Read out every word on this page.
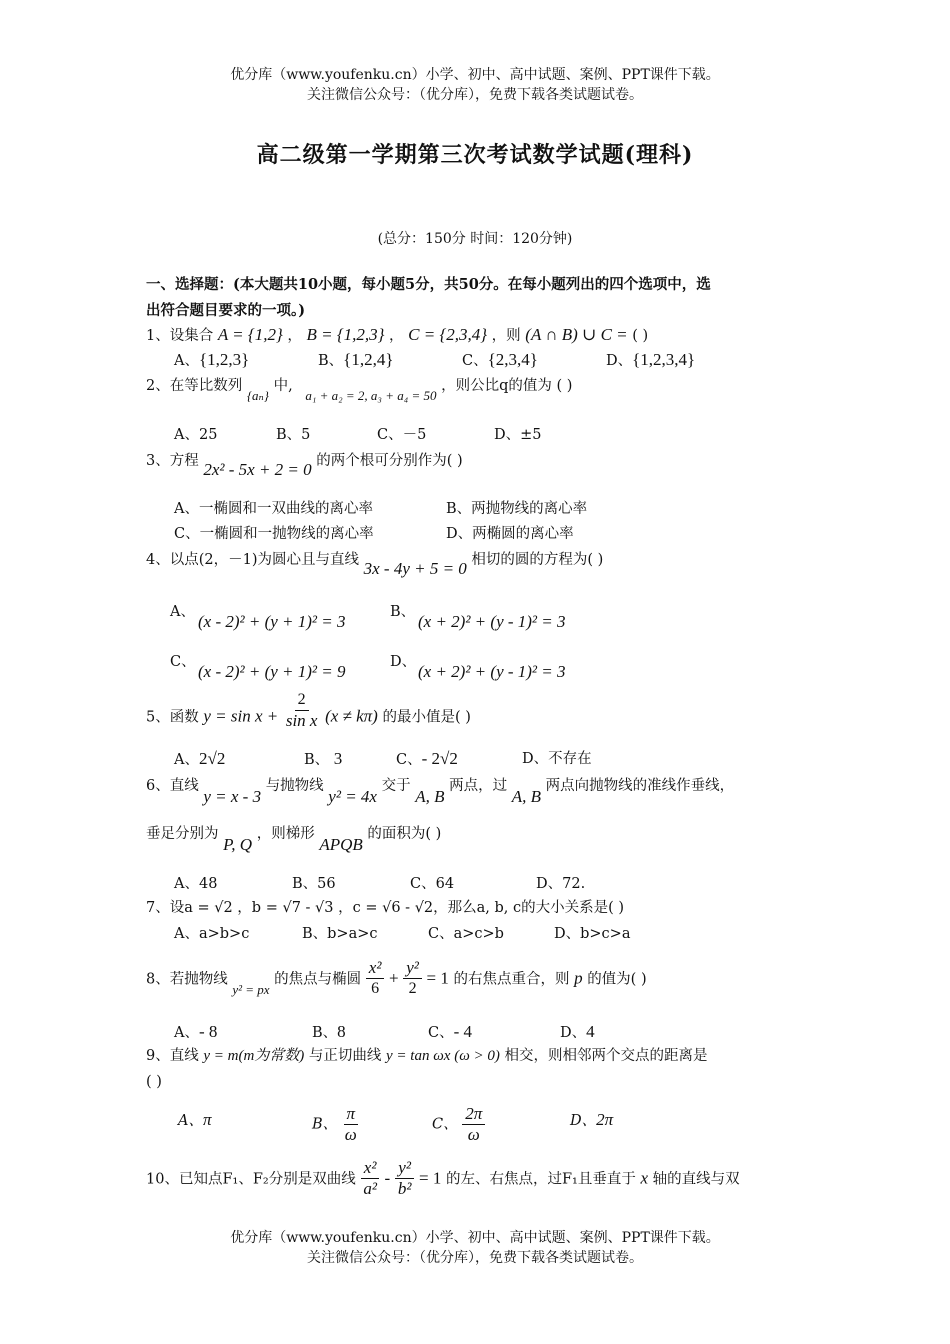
优分库（www.youfenku.cn）小学、初中、高中试题、案例、PPT课件下载。
关注微信公众号：（优分库），免费下载各类试题试卷。
高二级第一学期第三次考试数学试题(理科)
(总分：150分 时间：120分钟)
一、选择题：(本大题共10小题，每小题5分，共50分。在每小题列出的四个选项中，选
出符合题目要求的一项。)
1、设集合 A = {1,2} ， B = {1,2,3} ， C = {2,3,4} ，则 (A ∩ B) ∪ C = ( )
A、{1,2,3}	B、{1,2,4}	C、{2,3,4}	D、{1,2,3,4}
2、在等比数列 {aₙ} 中, a₁ + a₂ = 2, a₃ + a₄ = 50 ，则公比q的值为 ( )
A、25	B、5	C、－5	D、±5
3、方程 2x² - 5x + 2 = 0 的两个根可分别作为( )
A、一椭圆和一双曲线的离心率	B、两抛物线的离心率
C、一椭圆和一抛物线的离心率	D、两椭圆的离心率
4、以点(2，－1)为圆心且与直线 3x - 4y + 5 = 0 相切的圆的方程为( )
A、 (x - 2)² + (y + 1)² = 3	B、 (x + 2)² + (y - 1)² = 3
C、 (x - 2)² + (y + 1)² = 9	D、 (x + 2)² + (y - 1)² = 3
5、函数 $y = \sin x + \frac{2}{\text{sin x}} (x \ne k\pi)$ 的最小值是( )
A、2√2	B、 3	C、- 2√2	D、不存在
6、直线 y = x - 3 与抛物线 y² = 4x 交于 A, B 两点，过 A, B 两点向抛物线的准线作垂线，
垂足分别为 P, Q ，则梯形 APQB 的面积为( )
A、48	B、56	C、64	D、72.
7、设a = √2 ，b = √7 - √3 ，c = √6 - √2，那么a, b, c的大小关系是( )
A、a>b>c	B、b>a>c	C、a>c>b	D、b>c>a
8、若抛物线 y² = px 的焦点与椭圆 $\frac{\text{x²}}{6} + \frac{\text{y²}}{2} = 1$ 的右焦点重合，则 p 的值为( )
A、- 8	B、8	C、- 4	D、4
9、直线 y = m(m为常数) 与正切曲线 y = tan ωx (ω > 0) 相交，则相邻两个交点的距离是
( )
A、π	B、 $\frac{\pi}{\omega}$	C、 $\frac{2\pi}{\omega}$	D、2π
10、已知点F₁、F₂分别是双曲线 $\frac{\text{x²}}{\text{a²}} - \frac{\text{y²}}{\text{b²}} = 1$ 的左、右焦点，过F₁且垂直于 x 轴的直线与双
优分库（www.youfenku.cn）小学、初中、高中试题、案例、PPT课件下载。
关注微信公众号：（优分库），免费下载各类试题试卷。
